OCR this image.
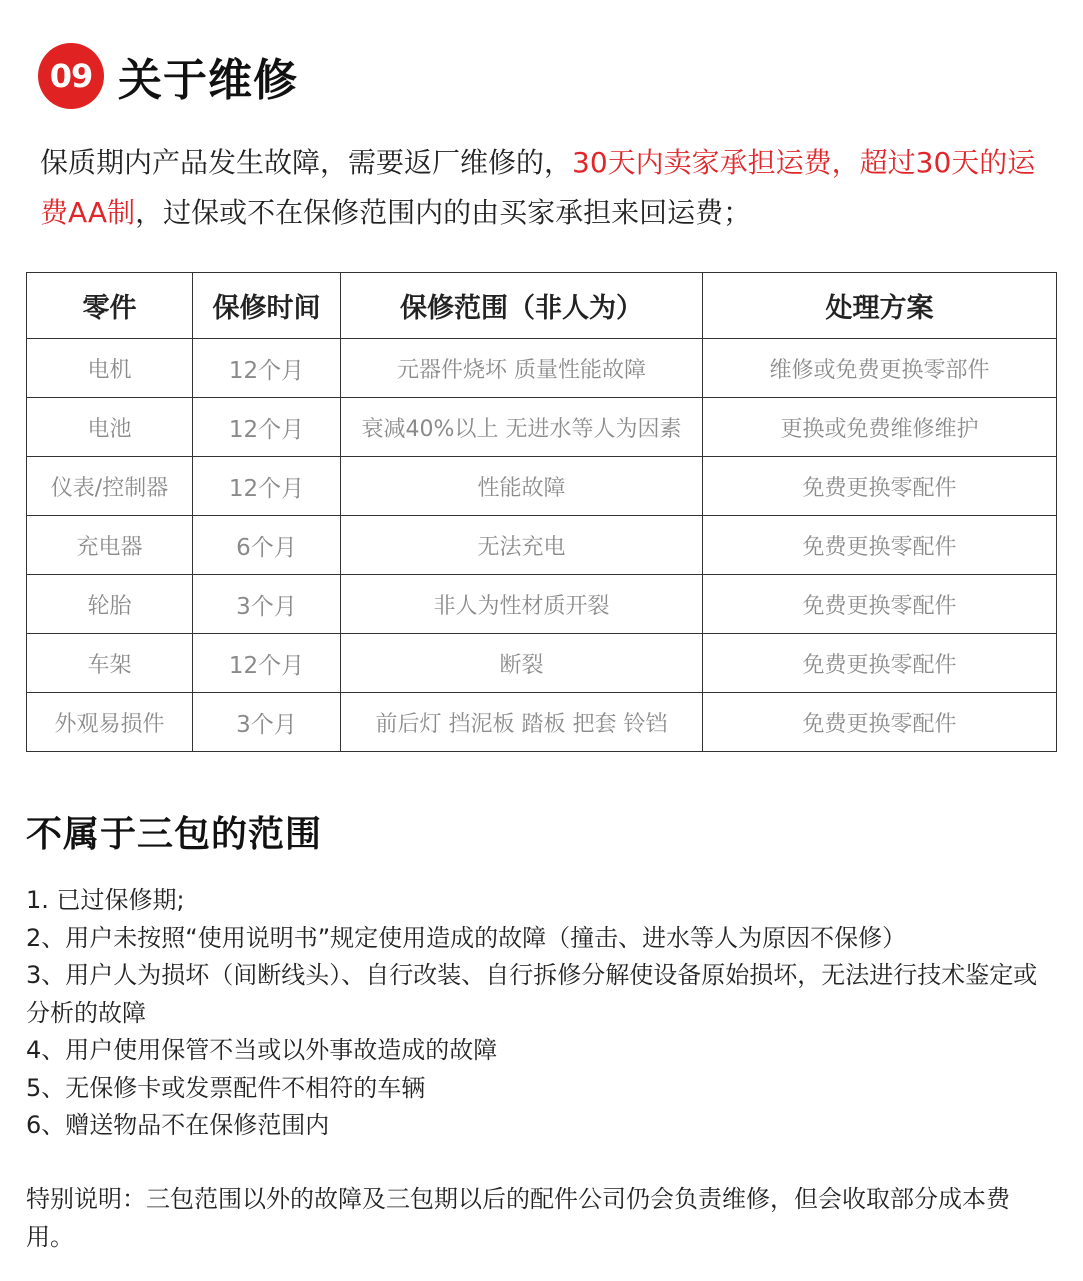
09 关于维修
保质期内产品发生故障，需要返厂维修的，30天内卖家承担运费，超过30天的运费AA制，过保或不在保修范围内的由买家承担来回运费；
零件	保修时间	保修范围（非人为）	处理方案
电机	12个月	元器件烧坏 质量性能故障	维修或免费更换零部件
电池	12个月	衰减40%以上 无进水等人为因素	更换或免费维修维护
仪表/控制器	12个月	性能故障	免费更换零配件
充电器	6个月	无法充电	免费更换零配件
轮胎	3个月	非人为性材质开裂	免费更换零配件
车架	12个月	断裂	免费更换零配件
外观易损件	3个月	前后灯 挡泥板 踏板 把套 铃铛	免费更换零配件
不属于三包的范围
1. 已过保修期;
2、用户未按照“使用说明书”规定使用造成的故障（撞击、进水等人为原因不保修）
3、用户人为损坏（间断线头）、自行改装、自行拆修分解使设备原始损坏，无法进行技术鉴定或分析的故障
4、用户使用保管不当或以外事故造成的故障
5、无保修卡或发票配件不相符的车辆
6、赠送物品不在保修范围内
特别说明：三包范围以外的故障及三包期以后的配件公司仍会负责维修，但会收取部分成本费用。
